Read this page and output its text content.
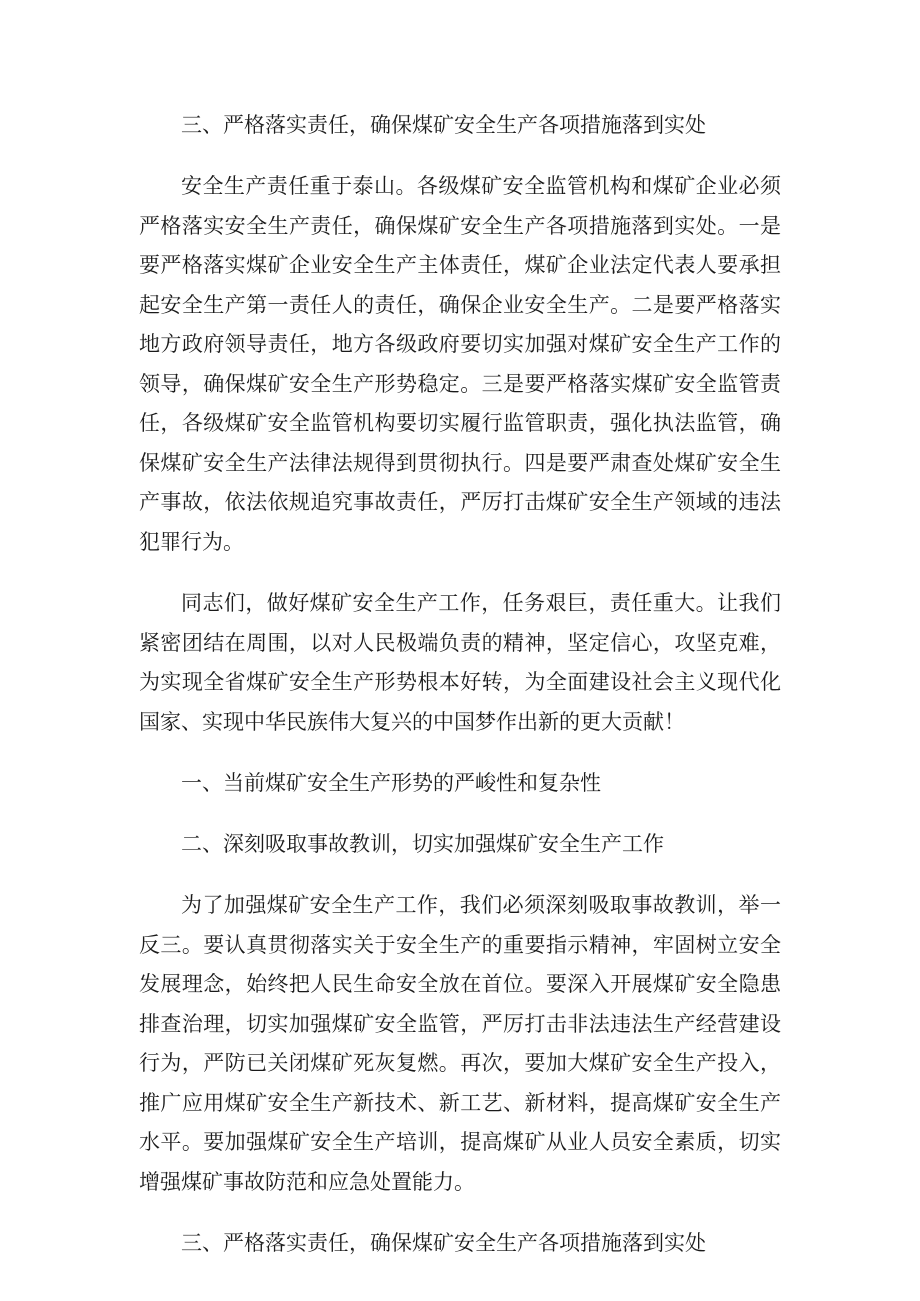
三、严格落实责任，确保煤矿安全生产各项措施落到实处

安全生产责任重于泰山。各级煤矿安全监管机构和煤矿企业必须严格落实安全生产责任，确保煤矿安全生产各项措施落到实处。一是要严格落实煤矿企业安全生产主体责任，煤矿企业法定代表人要承担起安全生产第一责任人的责任，确保企业安全生产。二是要严格落实地方政府领导责任，地方各级政府要切实加强对煤矿安全生产工作的领导，确保煤矿安全生产形势稳定。三是要严格落实煤矿安全监管责任，各级煤矿安全监管机构要切实履行监管职责，强化执法监管，确保煤矿安全生产法律法规得到贯彻执行。四是要严肃查处煤矿安全生产事故，依法依规追究事故责任，严厉打击煤矿安全生产领域的违法犯罪行为。

同志们，做好煤矿安全生产工作，任务艰巨，责任重大。让我们紧密团结在周围，以对人民极端负责的精神，坚定信心，攻坚克难，为实现全省煤矿安全生产形势根本好转，为全面建设社会主义现代化国家、实现中华民族伟大复兴的中国梦作出新的更大贡献！

一、当前煤矿安全生产形势的严峻性和复杂性

二、深刻吸取事故教训，切实加强煤矿安全生产工作

为了加强煤矿安全生产工作，我们必须深刻吸取事故教训，举一反三。要认真贯彻落实关于安全生产的重要指示精神，牢固树立安全发展理念，始终把人民生命安全放在首位。要深入开展煤矿安全隐患排查治理，切实加强煤矿安全监管，严厉打击非法违法生产经营建设行为，严防已关闭煤矿死灰复燃。再次，要加大煤矿安全生产投入，推广应用煤矿安全生产新技术、新工艺、新材料，提高煤矿安全生产水平。要加强煤矿安全生产培训，提高煤矿从业人员安全素质，切实增强煤矿事故防范和应急处置能力。

三、严格落实责任，确保煤矿安全生产各项措施落到实处
